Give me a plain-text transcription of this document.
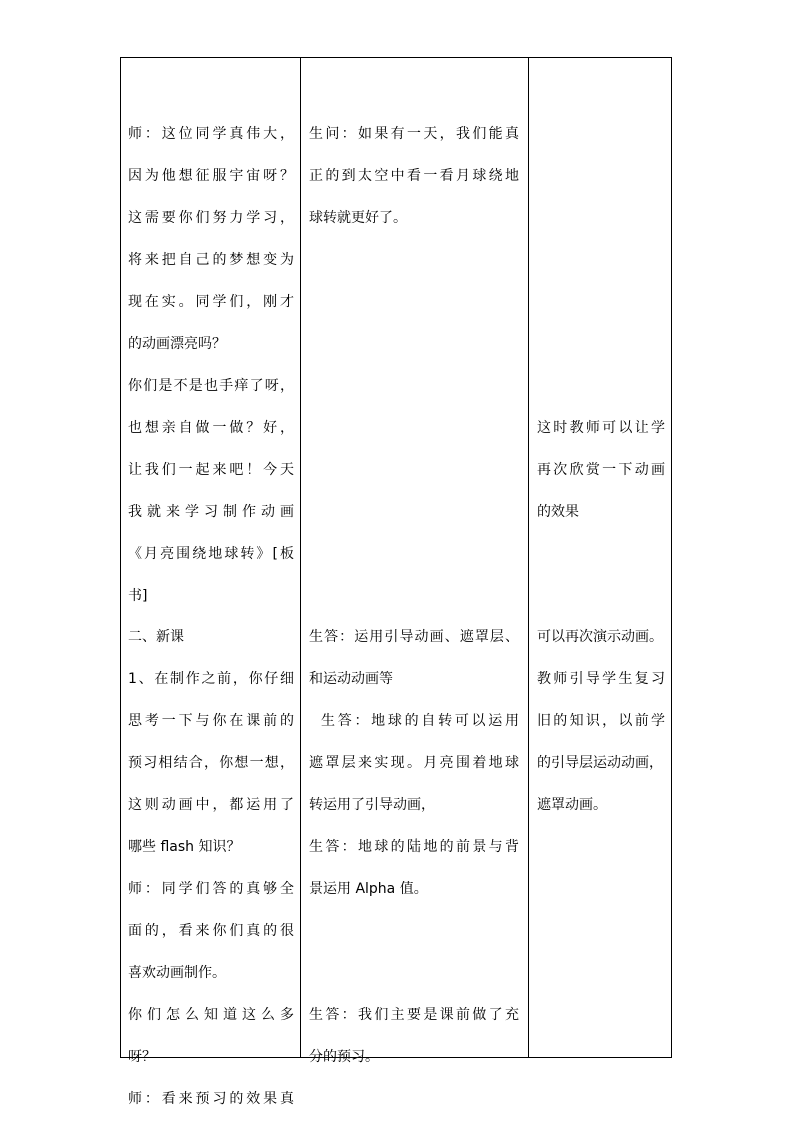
师：这位同学真伟大，
因为他想征服宇宙呀？
这需要你们努力学习，
将来把自己的梦想变为
现在实。同学们，刚才
的动画漂亮吗？
你们是不是也手痒了呀，
也想亲自做一做？好，
让我们一起来吧！今天
我就来学习制作动画
《月亮围绕地球转》[板
书]
二、新课
1、在制作之前，你仔细
思考一下与你在课前的
预习相结合，你想一想，
这则动画中，都运用了
哪些 flash 知识？
师：同学们答的真够全
面的，看来你们真的很
喜欢动画制作。
你们怎么知道这么多
呀？
师：看来预习的效果真
生问：如果有一天，我们能真
正的到太空中看一看月球绕地
球转就更好了。
生答：运用引导动画、遮罩层、
和运动动画等
生答：地球的自转可以运用
遮罩层来实现。月亮围着地球
转运用了引导动画，
生答：地球的陆地的前景与背
景运用 Alpha 值。
生答：我们主要是课前做了充
分的预习。
这时教师可以让学
再次欣赏一下动画
的效果
可以再次演示动画。
教师引导学生复习
旧的知识，以前学
的引导层运动动画，
遮罩动画。
